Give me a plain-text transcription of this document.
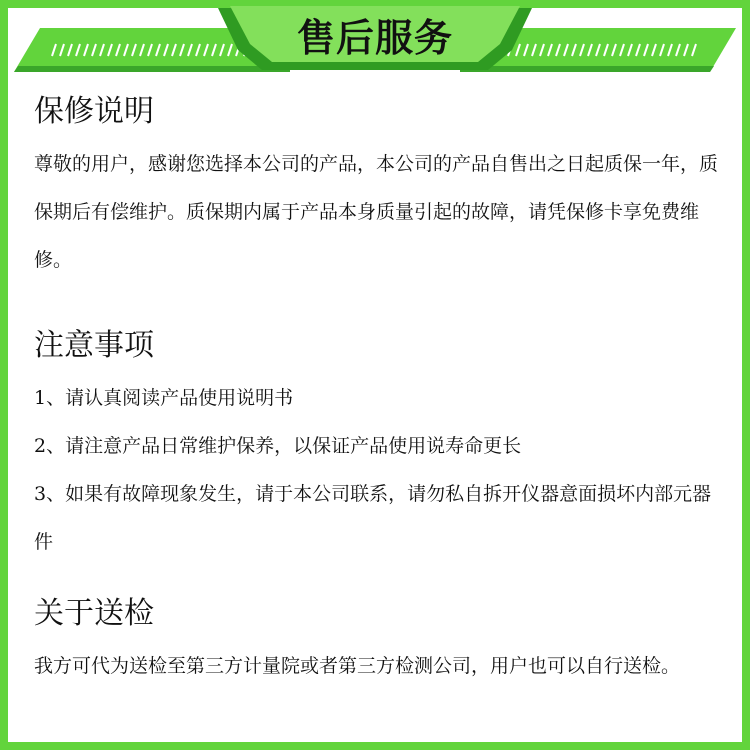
售后服务
保修说明
尊敬的用户，感谢您选择本公司的产品，本公司的产品自售出之日起质保一年，质保期后有偿维护。质保期内属于产品本身质量引起的故障，请凭保修卡享免费维修。
注意事项
1、请认真阅读产品使用说明书
2、请注意产品日常维护保养，以保证产品使用说寿命更长
3、如果有故障现象发生，请于本公司联系，请勿私自拆开仪器意面损坏内部元器件
关于送检
我方可代为送检至第三方计量院或者第三方检测公司，用户也可以自行送检。
